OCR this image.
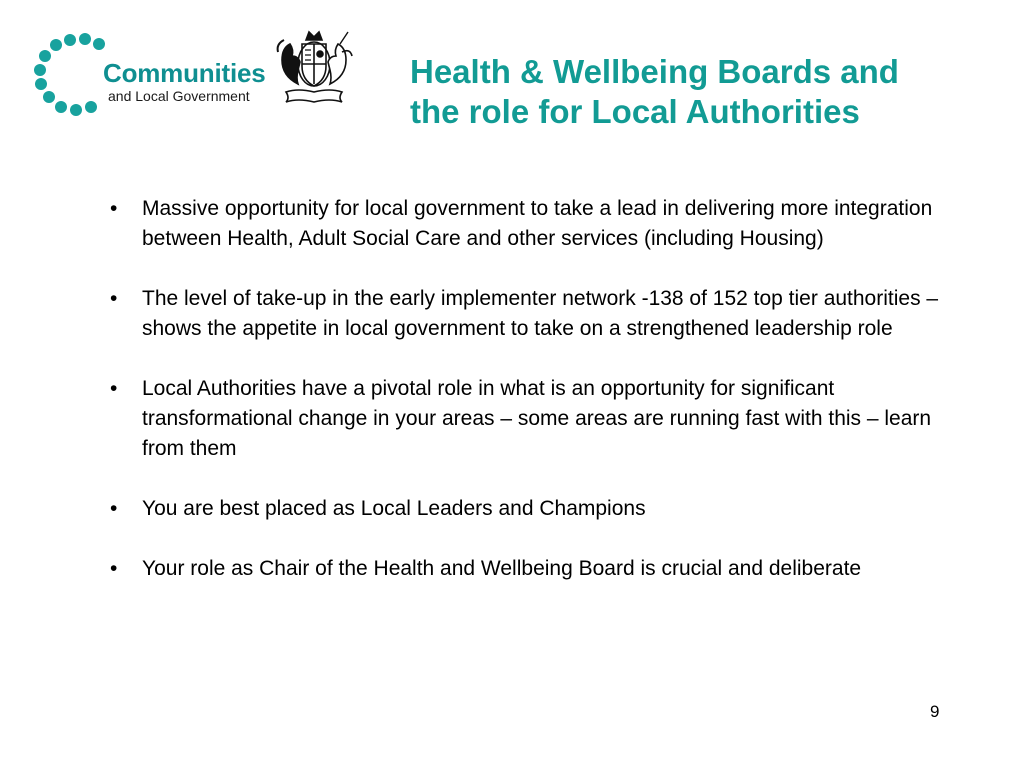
Communities
and Local Government
Health & Wellbeing Boards and
the role for Local Authorities
• Massive opportunity for local government to take a lead in delivering more integration between Health, Adult Social Care and other services (including Housing)
• The level of take-up in the early implementer network -138 of 152 top tier authorities – shows the appetite in local government to take on a strengthened leadership role
• Local Authorities have a pivotal role in what is an opportunity for significant transformational change in your areas – some areas are running fast with this – learn from them
• You are best placed as Local Leaders and Champions
• Your role as Chair of the Health and Wellbeing Board is crucial and deliberate
9
